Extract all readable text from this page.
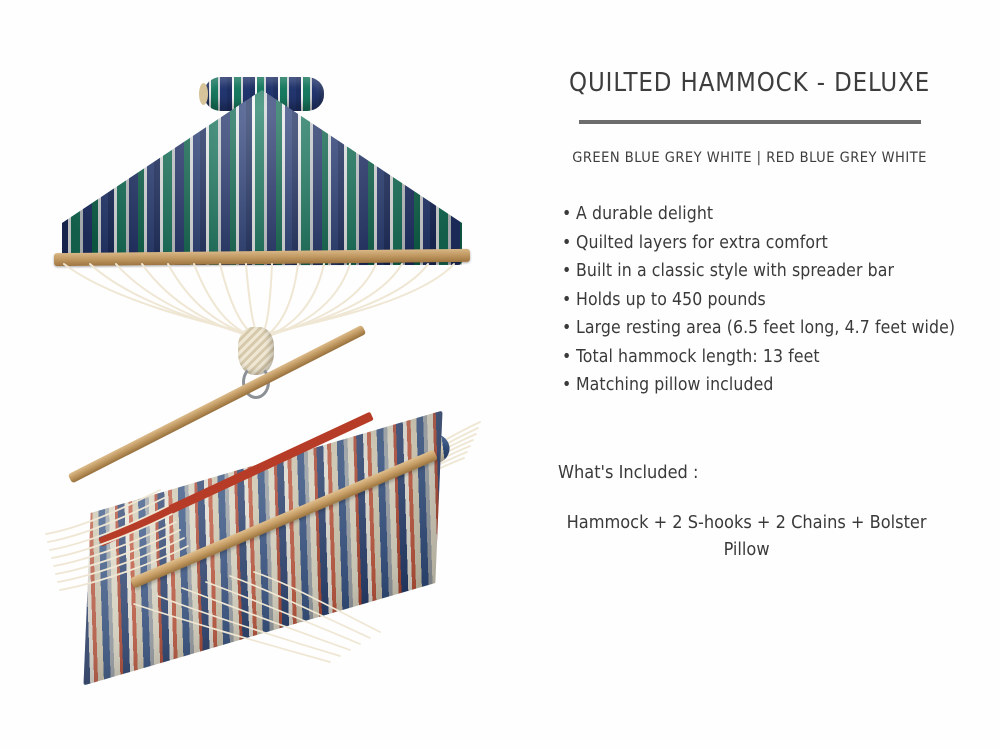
QUILTED HAMMOCK - DELUXE
GREEN BLUE GREY WHITE | RED BLUE GREY WHITE
• A durable delight
• Quilted layers for extra comfort
• Built in a classic style with spreader bar
• Holds up to 450 pounds
• Large resting area (6.5 feet long, 4.7 feet wide)
• Total hammock length: 13 feet
• Matching pillow included
What's Included :
Hammock + 2 S-hooks + 2 Chains + Bolster Pillow
